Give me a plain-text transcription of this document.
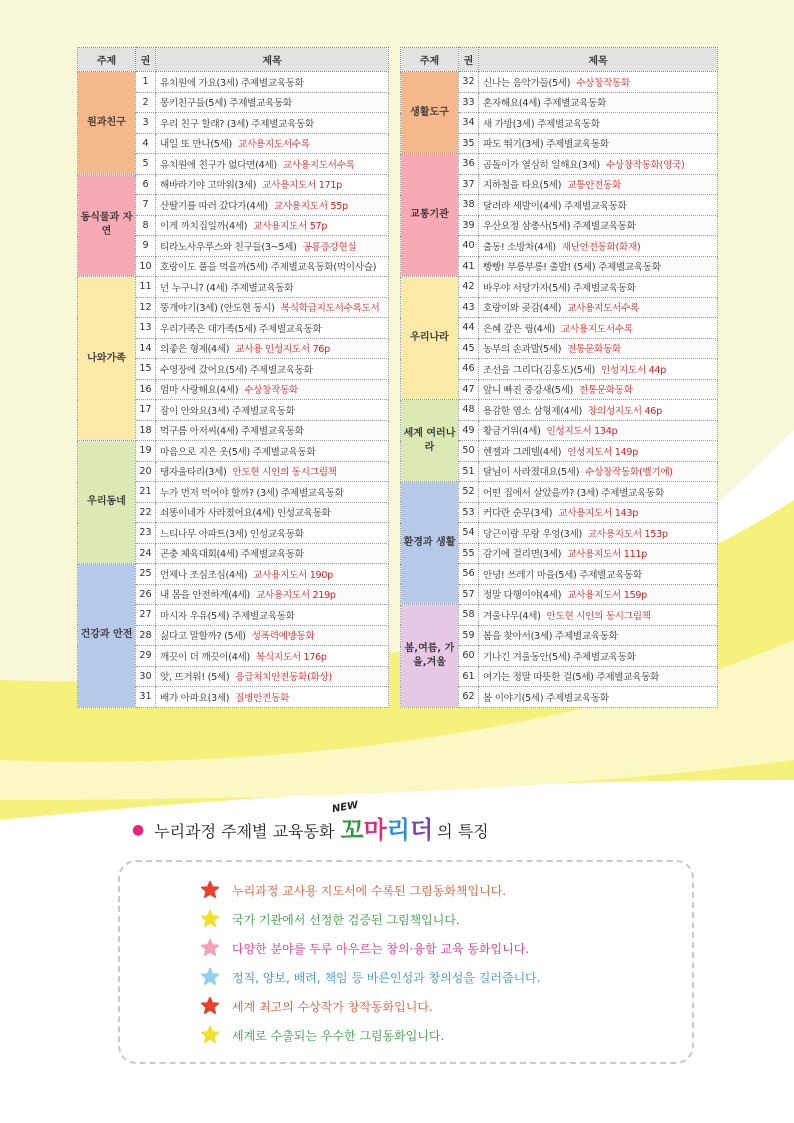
주제	권	제목
원과친구	1	유치원에 가요(3세) 주제별교육동화
	2	몽키친구들(5세) 주제별교육동화
	3	우리 친구 할래? (3세) 주제별교육동화
	4	내일 또 만나(5세) 교사용지도서수록
	5	유치원에 친구가 없다면(4세) 교사용지도서수록
동식물과 자연	6	해바라기야 고마워(3세) 교사용지도서 171p
	7	산딸기를 따러 갔다가(4세) 교사용지도서 55p
	8	이게 까치집일까(4세) 교사용지도서 57p
	9	티라노사우루스와 친구들(3~5세) 공룡증강현실
	10	호랑이도 풀을 먹을까(5세) 주제별교육동화(먹이사슬)
나와가족	11	넌 누구니? (4세) 주제별교육동화
	12	뚱개야기(3세) (안도현 동시) 복식학급지도서수록도서
	13	우리가족은 대가족(5세) 주제별교육동화
	14	의좋은 형제(4세) 교사용 인성지도서 76p
	15	수영장에 갔어요(5세) 주제별교육동화
	16	엄마 사랑해요(4세) 수상창작동화
	17	잠이 안와요(3세) 주제별교육동화
	18	먹구름 아저씨(4세) 주제별교육동화
우리동네	19	마음으로 지은 옷(5세) 주제별교육동화
	20	탱자울타리(3세) 안도현 시인의 동시그림책
	21	누가 먼저 먹어야 할까? (3세) 주제별교육동화
	22	쇠똥이네가 사라졌어요(4세) 인성교육동화
	23	느티나무 아파트(3세) 인성교육동화
	24	곤충 체육대회(4세) 주제별교육동화
건강과 안전	25	언제나 조심조심(4세) 교사용지도서 190p
	26	내 몸을 안전하게(4세) 교사용지도서 219p
	27	마시자 우유(5세) 주제별교육동화
	28	싫다고 말할까? (5세) 성폭력예방동화
	29	깨끗이 더 깨끗이(4세) 복식지도서 176p
	30	앗, 뜨거워! (5세) 응급처치안전동화(화상)
	31	배가 아파요(3세) 질병안전동화
주제	권	제목
생활도구	32	신나는 음악가들(5세) 수상창작동화
	33	혼자해요(4세) 주제별교육동화
	34	새 가방(3세) 주제별교육동화
	35	파도 뛰기(3세) 주제별교육동화
교통기관	36	곰돌이가 열심히 일해요(3세) 수상창작동화(영국)
	37	지하철을 타요(5세) 교통안전동화
	38	달려라 세발이(4세) 주제별교육동화
	39	우산요정 삼총사(5세) 주제별교육동화
	40	출동! 소방차(4세) 재난안전동화(화재)
	41	빵빵! 부릉부릉! 출발! (5세) 주제별교육동화
우리나라	42	바우야 서당가자(5세) 주제별교육동화
	43	호랑이와 곶감(4세) 교사용지도서수록
	44	은혜 갚은 꿩(4세) 교사용지도서수록
	45	농부의 손과발(5세) 전통문화동화
	46	조선을 그리다(김홍도)(5세) 인성지도서 44p
	47	앞니 빠진 중강새(5세) 전통문화동화
세계 여러나라	48	용감한 염소 삼형제(4세) 창의성지도서 46p
	49	황금거위(4세) 인성지도서 134p
	50	헨젤과 그레텔(4세) 인성지도서 149p
	51	달님이 사라졌대요(5세) 수상창작동화(벨기에)
환경과 생활	52	어떤 집에서 살았을까? (3세) 주제별교육동화
	53	커다란 순무(3세) 교사용지도서 143p
	54	당근이랑 무랑 우엉(3세) 교사용지도서 153p
	55	감기에 걸리면(3세) 교사용지도서 111p
	56	안녕! 쓰레기 마을(5세) 주제별교육동화
	57	정말 다행이야(4세) 교사용지도서 159p
봄,여름, 가을,겨울	58	겨울나무(4세) 안도현 시인의 동시그림책
	59	봄을 찾아서(3세) 주제별교육동화
	60	기나긴 겨울동안(5세) 주제별교육동화
	61	여기는 정말 따뜻한 걸(5세) 주제별교육동화
	62	봄 이야기(5세) 주제별교육동화
● 누리과정 주제별 교육동화
NEW
꼬 마 리 더 의 특징
누리과정 교사용 지도서에 수록된 그림동화책입니다.
국가 기관에서 선정한 검증된 그림책입니다.
다양한 분야를 두루 아우르는 창의·융합 교육 동화입니다.
정직, 양보, 배려, 책임 등 바른인성과 창의성을 길러줍니다.
세계 최고의 수상작가 창작동화입니다.
세계로 수출되는 우수한 그림동화입니다.
